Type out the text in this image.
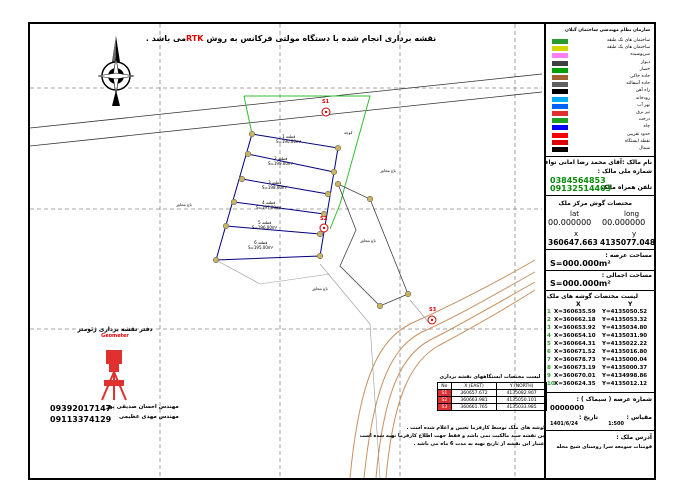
S1
S2
S3
قطعه 1
S=190.00m²
قطعه 2
S=199.00m²
قطعه 3
S=198.00m²
قطعه 4
S=197.00m²
قطعه 5
S=196.00m²
قطعه 6
S=195.00m²
باغ مجاور
باغ مجاور
باغ مجاور
باغ مجاور
کوچه
نقشه برداری انجام شده با دستگاه مولتی فرکانس به روش RTKمی باشد .
سازمان نظام مهندسی ساختمان گیلان
ساختمان های تک طبقه
ساختمان های یک طبقه
سرپوشیده
دیوار
حصار
جاده خاکی
جاده آسفالته
راه آهن
رودخانه
نهر آب
تیر برق
درخت
چاه
حدود تقریبی
نقطه ایستگاه
شمال
نام مالک :
آقای محمد رضا امانی تواء
شماره ملی مالک :
0384564853
تلفن همراه مالک :
09132514403
مختصات گوش مرکز ملک
lat	long
00.000000 00.000000
x	y
360647.663 4135077.048
مساحت عرصه :
S=000.000m²
مساحت اجمالی :
S=000.000m²
لیست مختصات گوشه های ملک
X	Y
1 X=360635.59 Y=4135050.52
2 X=360662.18 Y=4135053.32
3 X=360653.92 Y=4135034.80
4 X=360654.10 Y=4135031.90
5 X=360664.31 Y=4135022.22
6 X=360671.52 Y=4135016.80
7 X=360678.73 Y=4135000.04
8 X=360673.19 Y=4135000.37
9 X=360670.01 Y=4134998.86
10 X=360624.35 Y=4135012.12
شماره عرصه ( سیماک ) :
0000000
مقیاس :
1:500
تاریخ :
1401/6/24
آدرس ملک :
فومنات سومعه سرا روستای شیخ محله
دفتر نقشه برداری ژئومتر
Geometer
09392017147
09113374129
مهندس احسان صدیقی پور
مهندس مهدی عظیمی
لیست مختصات ایستگاههای نقشه برداری
No	X (EAST)	Y (NORTH)
S1	360657.672	4135082.907
S2	360663.981	4135050.101
S3	360661.765	4135033.985
گوشه های ملک توسط کارفرما تعیین و اعلام شده است .
این نقشه سند مالکیت نمی باشد و فقط جهت اطلاع کارفرما تهیه شده است
اعتبار این نقشه از تاریخ تهیه به مدت 6 ماه می باشد .
